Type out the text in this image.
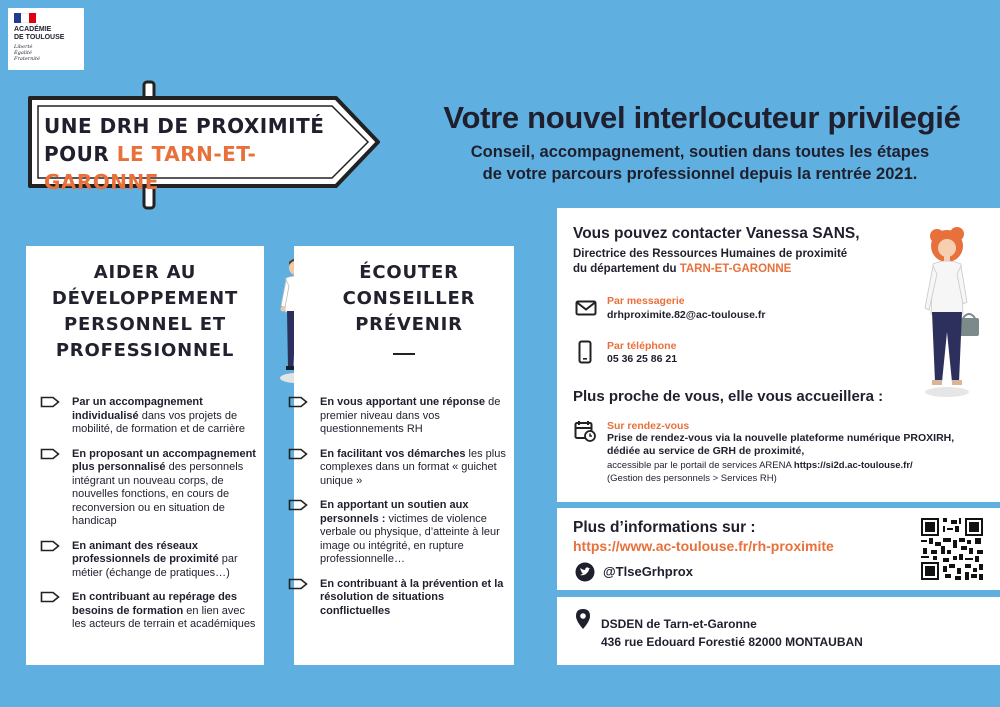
ACADÉMIE
DE TOULOUSE
Liberté
Égalité
Fraternité
UNE DRH DE PROXIMITÉ
POUR LE TARN-ET-GARONNE
Votre nouvel interlocuteur privilegié
Conseil, accompagnement, soutien dans toutes les étapes
de votre parcours professionnel depuis la rentrée 2021.
AIDER AU
DÉVELOPPEMENT
PERSONNEL ET
PROFESSIONNEL
Par un accompagnement individualisé dans vos projets de mobilité, de formation et de carrière
En proposant un accompagnement plus personnalisé des personnels intégrant un nouveau corps, de nouvelles fonctions, en cours de reconversion ou en situation de handicap
En animant des réseaux professionnels de proximité par métier (échange de pratiques…)
En contribuant au repérage des besoins de formation en lien avec les acteurs de terrain et académiques
ÉCOUTER
CONSEILLER
PRÉVENIR
En vous apportant une réponse de premier niveau dans vos questionnements RH
En facilitant vos démarches les plus complexes dans un format « guichet unique »
En apportant un soutien aux personnels : victimes de violence verbale ou physique, d’atteinte à leur image ou intégrité, en rupture professionnelle…
En contribuant à la prévention et la résolution de situations conflictuelles
Vous pouvez contacter Vanessa SANS,
Directrice des Ressources Humaines de proximité
du département du TARN-ET-GARONNE
Par messagerie
drhproximite.82@ac-toulouse.fr
Par téléphone
05 36 25 86 21
Plus proche de vous, elle vous accueillera :
Sur rendez-vous
Prise de rendez-vous via la nouvelle plateforme numérique PROXIRH,
dédiée au service de GRH de proximité,
accessible par le portail de services ARENA https://si2d.ac-toulouse.fr/
(Gestion des personnels > Services RH)
Plus d’informations sur :
https://www.ac-toulouse.fr/rh-proximite
@TlseGrhprox
DSDEN de Tarn-et-Garonne
436 rue Edouard Forestié 82000 MONTAUBAN
